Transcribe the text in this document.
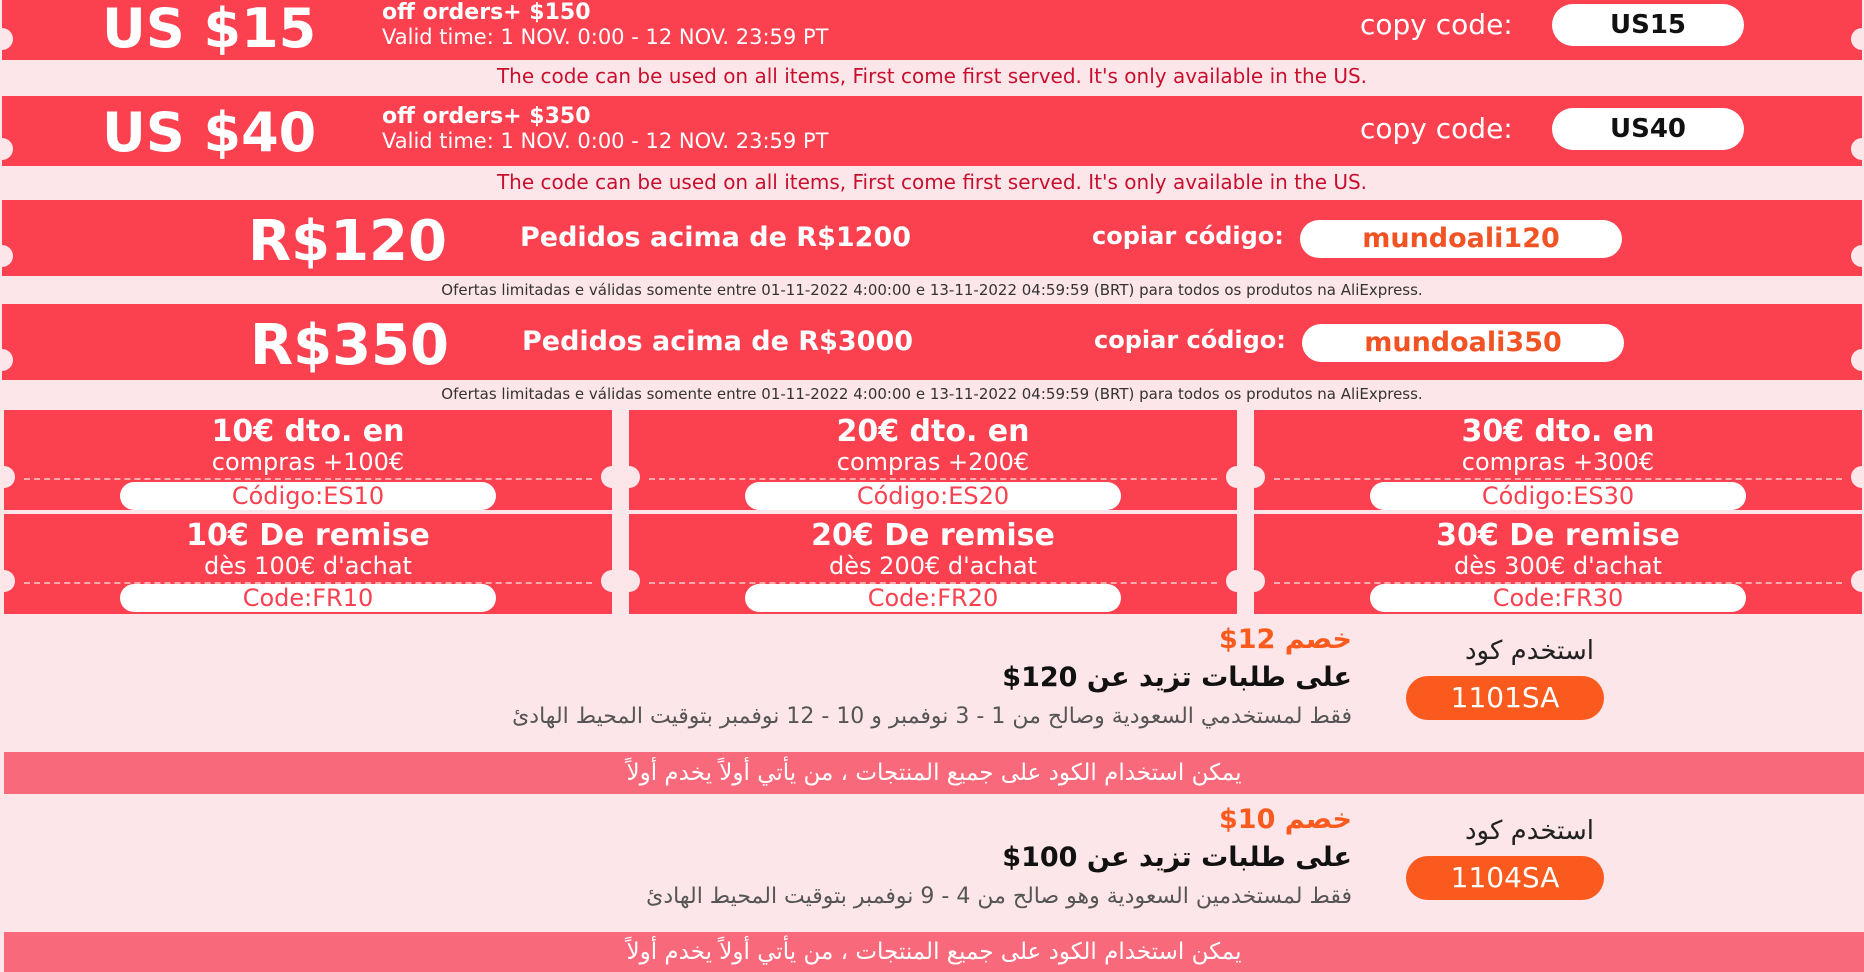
US $15	off orders+ $150
Valid time: 1 NOV. 0:00 - 12 NOV. 23:59 PT	copy code:	US15
The code can be used on all items, First come first served. It's only available in the US.
US $40	off orders+ $350
Valid time: 1 NOV. 0:00 - 12 NOV. 23:59 PT	copy code:	US40
The code can be used on all items, First come first served. It's only available in the US.
R$120	Pedidos acima de R$1200	copiar código:	mundoali120
Ofertas limitadas e válidas somente entre 01-11-2022 4:00:00 e 13-11-2022 04:59:59 (BRT) para todos os produtos na AliExpress.
R$350	Pedidos acima de R$3000	copiar código:	mundoali350
Ofertas limitadas e válidas somente entre 01-11-2022 4:00:00 e 13-11-2022 04:59:59 (BRT) para todos os produtos na AliExpress.
10€ dto. en
compras +100€
Código:ES10
20€ dto. en
compras +200€
Código:ES20
30€ dto. en
compras +300€
Código:ES30
10€ De remise
dès 100€ d'achat
Code:FR10
20€ De remise
dès 200€ d'achat
Code:FR20
30€ De remise
dès 300€ d'achat
Code:FR30
خصم 12$
على طلبات تزيد عن 120$
فقط لمستخدمي السعودية وصالح من 1 - 3 نوفمبر و 10 - 12 نوفمبر بتوقيت المحيط الهادئ
استخدم كود
1101SA
يمكن استخدام الكود على جميع المنتجات ، من يأتي أولاً يخدم أولاً
خصم 10$
على طلبات تزيد عن 100$
فقط لمستخدمين السعودية وهو صالح من 4 - 9 نوفمبر بتوقيت المحيط الهادئ
استخدم كود
1104SA
يمكن استخدام الكود على جميع المنتجات ، من يأتي أولاً يخدم أولاً
